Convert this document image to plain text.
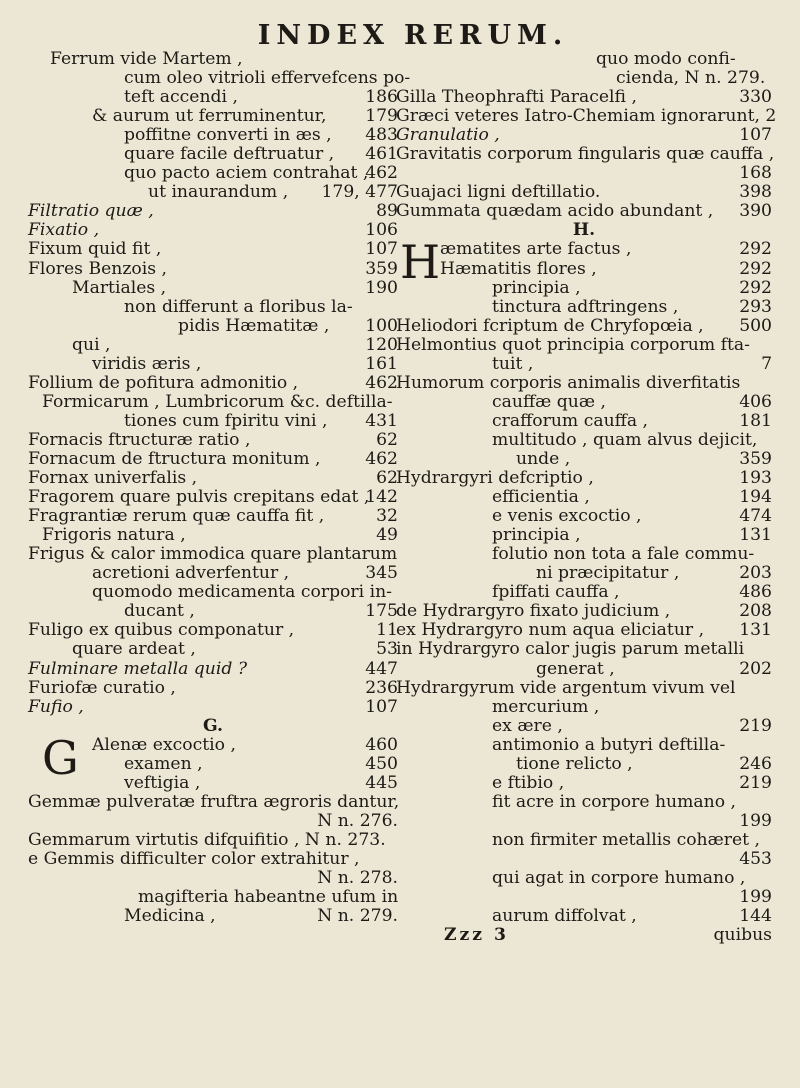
INDEX RERUM.
Ferrum vide Martem ,
cum oleo vitrioli effervefcens po-
teft accendi ,	186
& aurum ut ferruminentur, 179
poffitne converti in æs , 483
quare facile deftruatur , 461
quo pacto aciem contrahat ,
462
ut inaurandum , 179, 477
Filtratio quæ ,	89
Fixatio ,	106
Fixum quid fit ,	107
Flores Benzois ,	359
Martiales ,	190
non differunt a floribus la-
pidis Hæmatitæ , 100
qui ,	120
viridis æris ,	161
Follium de pofitura admonitio ,	462
Formicarum , Lumbricorum &c. deftilla-
tiones cum fpiritu vini , 431
Fornacis ftructuræ ratio ,	62
Fornacum de ftructura monitum ,	462
Fornax univerfalis ,	62
Fragorem quare pulvis crepitans edat ,
142
Fragrantiæ rerum quæ cauffa fit ,	32
Frigoris natura ,	49
Frigus & calor immodica quare plantarum
acretioni adverfentur ,	345
quomodo medicamenta corpori in-
ducant ,	175
Fuligo ex quibus componatur ,	11
quare ardeat ,	53
Fulminare metalla quid ?	447
Furiofæ curatio ,	236
Fufio ,	107
G.
G Alenæ excoctio ,	460
examen ,	450
veftigia ,	445
Gemmæ pulveratæ fruftra ægroris dantur,
N n. 276.
Gemmarum virtutis difquifitio , N n. 273.
e Gemmis difficulter color extrahitur ,
N n. 278.
magifteria habeantne ufum in
Medicina ,	N n. 279.
quo modo confi-
cienda, N n. 279.
Gilla Theophrafti Paracelfi ,	330
Græci veteres Iatro-Chemiam ignorarunt, 2
Granulatio ,	107
Gravitatis corporum fingularis quæ cauffa ,
168
Guajaci ligni deftillatio.	398
Gummata quædam acido abundant , 390
H.
H æmatites arte factus ,	292
Hæmatitis flores ,	292
principia ,	292
tinctura adftringens ,	293
Heliodori fcriptum de Chryfopœia , 500
Helmontius quot principia corporum fta-
tuit ,	7
Humorum corporis animalis diverfitatis
cauffæ quæ ,	406
crafforum cauffa ,	181
multitudo , quam alvus dejicit,
unde ,	359
Hydrargyri defcriptio ,	193
efficientia ,	194
e venis excoctio ,	474
principia ,	131
folutio non tota a fale commu-
ni præcipitatur ,	203
fpiffati cauffa ,	486
de Hydrargyro fixato judicium ,	208
ex Hydrargyro num aqua eliciatur , 131
in Hydrargyro calor jugis parum metalli
generat ,	202
Hydrargyrum vide argentum vivum vel
mercurium ,
ex ære ,	219
antimonio a butyri deftilla-
tione relicto ,	246
e ftibio ,	219
fit acre in corpore humano ,
199
non firmiter metallis cohæret ,
453
qui agat in corpore humano ,
199
aurum diffolvat ,	144
Zzz 3	quibus
